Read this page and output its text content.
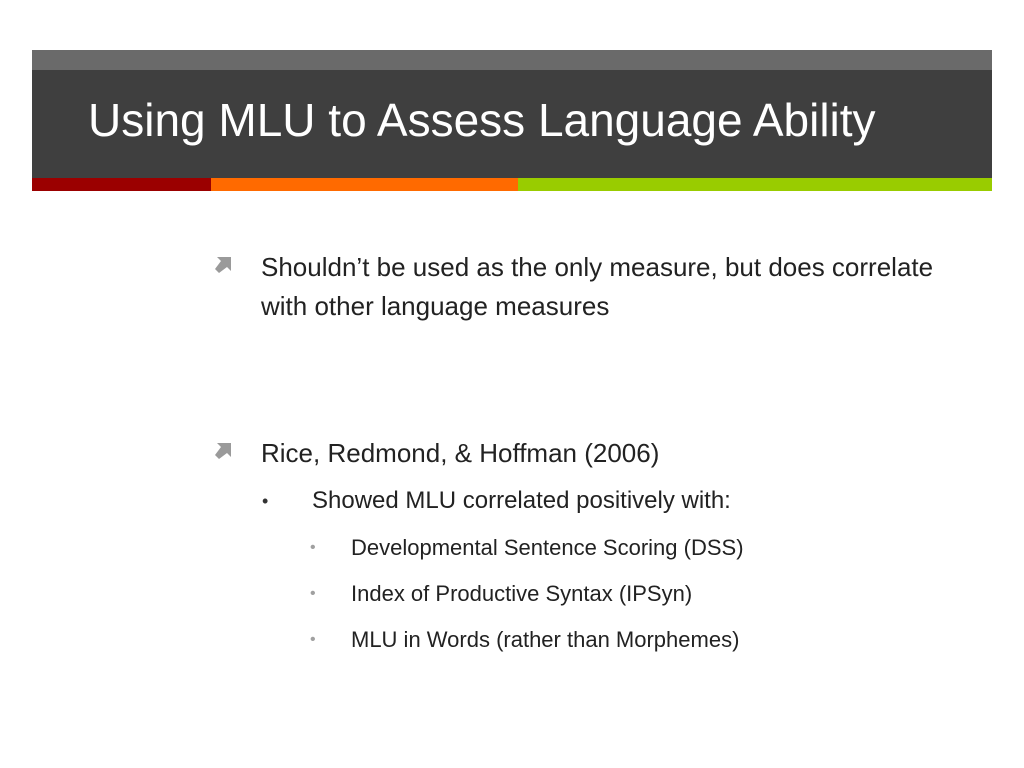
Using MLU to Assess Language Ability
Shouldn’t be used as the only measure, but does correlate with other language measures
Rice, Redmond, & Hoffman (2006)
• Showed MLU correlated positively with:
• Developmental Sentence Scoring (DSS)
• Index of Productive Syntax (IPSyn)
• MLU in Words (rather than Morphemes)
